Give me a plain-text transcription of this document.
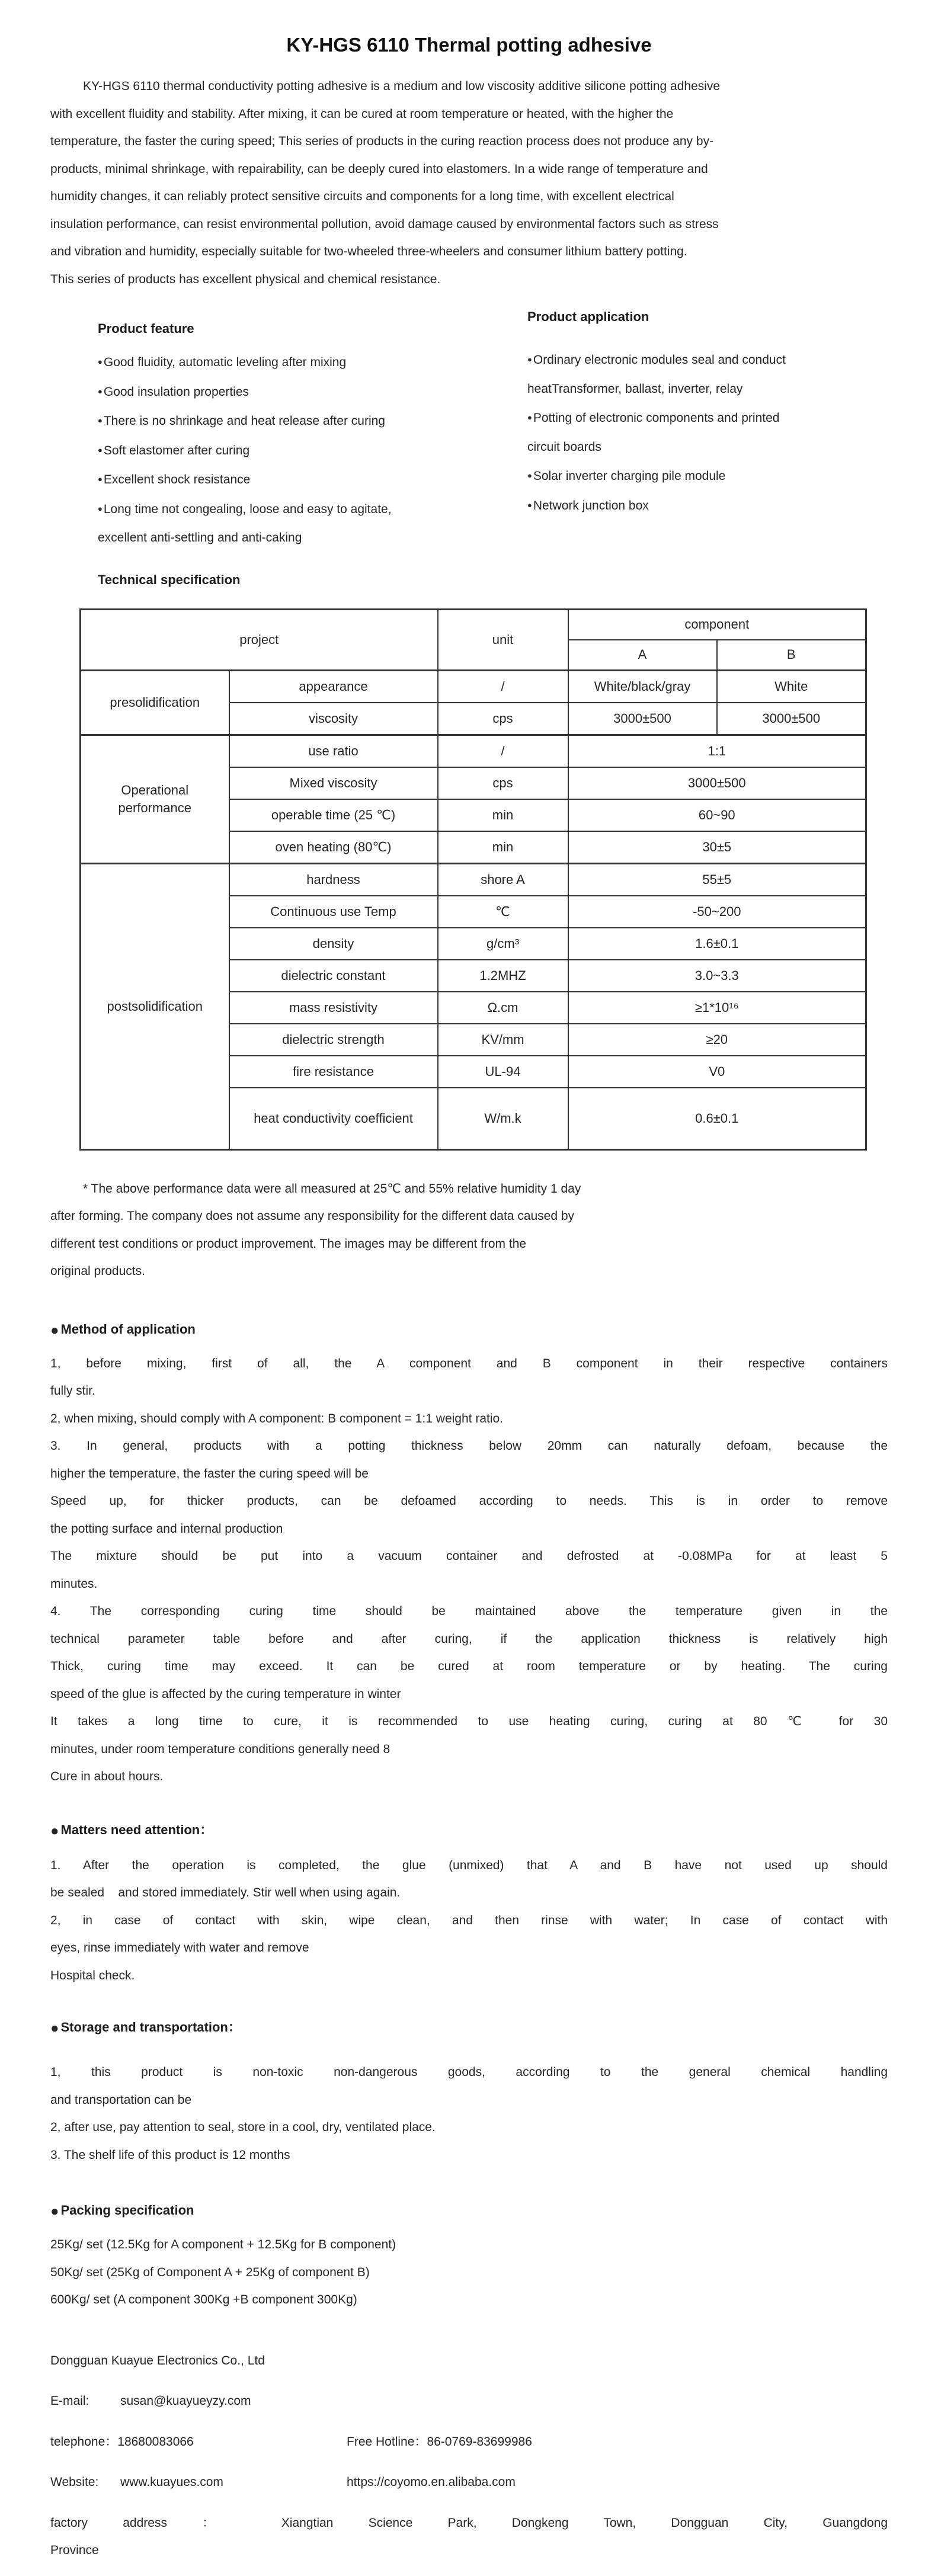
KY-HGS 6110 Thermal potting adhesive
KY-HGS 6110 thermal conductivity potting adhesive is a medium and low viscosity additive silicone potting adhesive
with excellent fluidity and stability. After mixing, it can be cured at room temperature or heated, with the higher the
temperature, the faster the curing speed; This series of products in the curing reaction process does not produce any by-
products, minimal shrinkage, with repairability, can be deeply cured into elastomers. In a wide range of temperature and
humidity changes, it can reliably protect sensitive circuits and components for a long time, with excellent electrical
insulation performance, can resist environmental pollution, avoid damage caused by environmental factors such as stress
and vibration and humidity, especially suitable for two-wheeled three-wheelers and consumer lithium battery potting.
This series of products has excellent physical and chemical resistance.
Product feature
●Good fluidity, automatic leveling after mixing
●Good insulation properties
●There is no shrinkage and heat release after curing
●Soft elastomer after curing
●Excellent shock resistance
●Long time not congealing, loose and easy to agitate,
excellent anti-settling and anti-caking
Product application
●Ordinary electronic modules seal and conduct
heatTransformer, ballast, inverter, relay
●Potting of electronic components and printed
circuit boards
●Solar inverter charging pile module
●Network junction box
Technical specification
project		unit	component	
			A	B
presolidification	appearance	/	White/black/gray	White
	viscosity	cps	3000±500	3000±500
Operational performance	use ratio	/	1:1	
	Mixed viscosity	cps	3000±500	
	operable time (25 ℃)	min	60~90	
	oven heating (80℃)	min	30±5	
postsolidification	hardness	shore A	55±5	
	Continuous use Temp	℃	-50~200	
	density	g/cm³	1.6±0.1	
	dielectric constant	1.2MHZ	3.0~3.3	
	mass resistivity	Ω.cm	≥1*10¹⁶	
	dielectric strength	KV/mm	≥20	
	fire resistance	UL-94	V0	
	heat conductivity coefficient	W/m.k	0.6±0.1	
* The above performance data were all measured at 25℃ and 55% relative humidity 1 day
after forming. The company does not assume any responsibility for the different data caused by
different test conditions or product improvement. The images may be different from the
original products.
● Method of application
1, before mixing, first of all, the A component and B component in their respective containers
fully stir.
2, when mixing, should comply with A component: B component = 1:1 weight ratio.
3. In general, products with a potting thickness below 20mm can naturally defoam, because the
higher the temperature, the faster the curing speed will be
Speed up, for thicker products, can be defoamed according to needs. This is in order to remove
the potting surface and internal production
The mixture should be put into a vacuum container and defrosted at -0.08MPa for at least 5
minutes.
4. The corresponding curing time should be maintained above the temperature given in the
technical parameter table before and after curing, if the application thickness is relatively high
Thick, curing time may exceed. It can be cured at room temperature or by heating. The curing
speed of the glue is affected by the curing temperature in winter
It takes a long time to cure, it is recommended to use heating curing, curing at 80 ℃ for 30
minutes, under room temperature conditions generally need 8
Cure in about hours.
● Matters need attention：
1. After the operation is completed, the glue (unmixed) that A and B have not used up should
be sealed    and stored immediately. Stir well when using again.
2, in case of contact with skin, wipe clean, and then rinse with water; In case of contact with
eyes, rinse immediately with water and remove
Hospital check.
● Storage and transportation：
1, this product is non-toxic non-dangerous goods, according to the general chemical handling
and transportation can be
2, after use, pay attention to seal, store in a cool, dry, ventilated place.
3. The shelf life of this product is 12 months
● Packing specification
25Kg/ set (12.5Kg for A component + 12.5Kg for B component)
50Kg/ set (25Kg of Component A + 25Kg of component B)
600Kg/ set (A component 300Kg +B component 300Kg)
Dongguan Kuayue Electronics Co., Ltd
E-mail:	susan@kuayueyzy.com
telephone：18680083066	Free Hotline：86-0769-83699986
Website: www.kuayues.com	https://coyomo.en.alibaba.com
factory address ： Xiangtian Science Park, Dongkeng Town, Dongguan City, Guangdong
Province
